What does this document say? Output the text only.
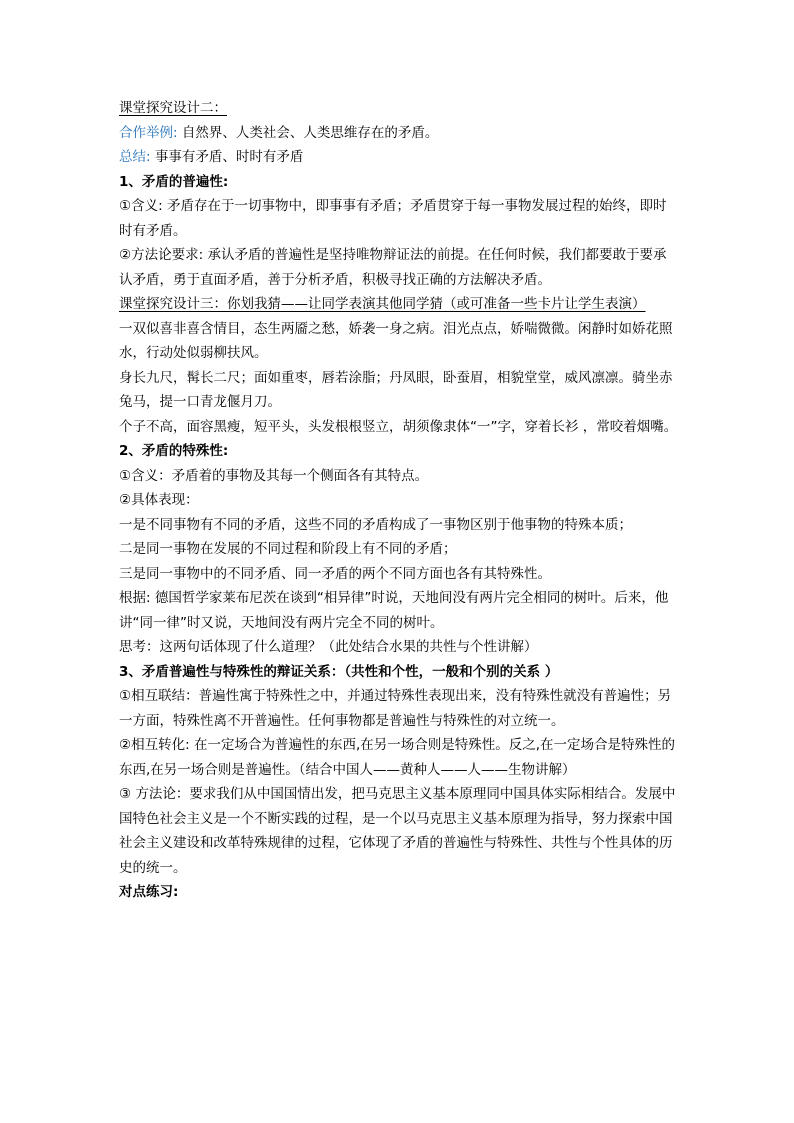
课堂探究设计二：

合作举例: 自然界、人类社会、人类思维存在的矛盾。

总结: 事事有矛盾、时时有矛盾

1、矛盾的普遍性:

①含义: 矛盾存在于一切事物中，即事事有矛盾；矛盾贯穿于每一事物发展过程的始终，即时时有矛盾。

②方法论要求: 承认矛盾的普遍性是坚持唯物辩证法的前提。在任何时候，我们都要敢于要承认矛盾，勇于直面矛盾，善于分析矛盾，积极寻找正确的方法解决矛盾。

课堂探究设计三：你划我猜——让同学表演其他同学猜（或可准备一些卡片让学生表演）

一双似喜非喜含情目，态生两靥之愁，娇袭一身之病。泪光点点，娇喘微微。闲静时如娇花照水，行动处似弱柳扶风。

身长九尺，髯长二尺；面如重枣，唇若涂脂；丹凤眼，卧蚕眉，相貌堂堂，威风凛凛。骑坐赤兔马，提一口青龙偃月刀。

个子不高，面容黑瘦，短平头，头发根根竖立，胡须像隶体“一”字，穿着长衫 ，常咬着烟嘴。

2、矛盾的特殊性:

①含义：矛盾着的事物及其每一个侧面各有其特点。

②具体表现：

一是不同事物有不同的矛盾，这些不同的矛盾构成了一事物区别于他事物的特殊本质；

二是同一事物在发展的不同过程和阶段上有不同的矛盾；

三是同一事物中的不同矛盾、同一矛盾的两个不同方面也各有其特殊性。

根据: 德国哲学家莱布尼茨在谈到“相异律”时说，天地间没有两片完全相同的树叶。后来，他讲“同一律”时又说，天地间没有两片完全不同的树叶。

思考：这两句话体现了什么道理？（此处结合水果的共性与个性讲解）

3、矛盾普遍性与特殊性的辩证关系：（共性和个性，一般和个别的关系 ）

①相互联结：普遍性寓于特殊性之中，并通过特殊性表现出来，没有特殊性就没有普遍性；另一方面，特殊性离不开普遍性。任何事物都是普遍性与特殊性的对立统一。

②相互转化: 在一定场合为普遍性的东西,在另一场合则是特殊性。反之,在一定场合是特殊性的东西,在另一场合则是普遍性。（结合中国人——黄种人——人——生物讲解）

③ 方法论：要求我们从中国国情出发，把马克思主义基本原理同中国具体实际相结合。发展中国特色社会主义是一个不断实践的过程，是一个以马克思主义基本原理为指导，努力探索中国社会主义建设和改革特殊规律的过程，它体现了矛盾的普遍性与特殊性、共性与个性具体的历史的统一。

对点练习:
